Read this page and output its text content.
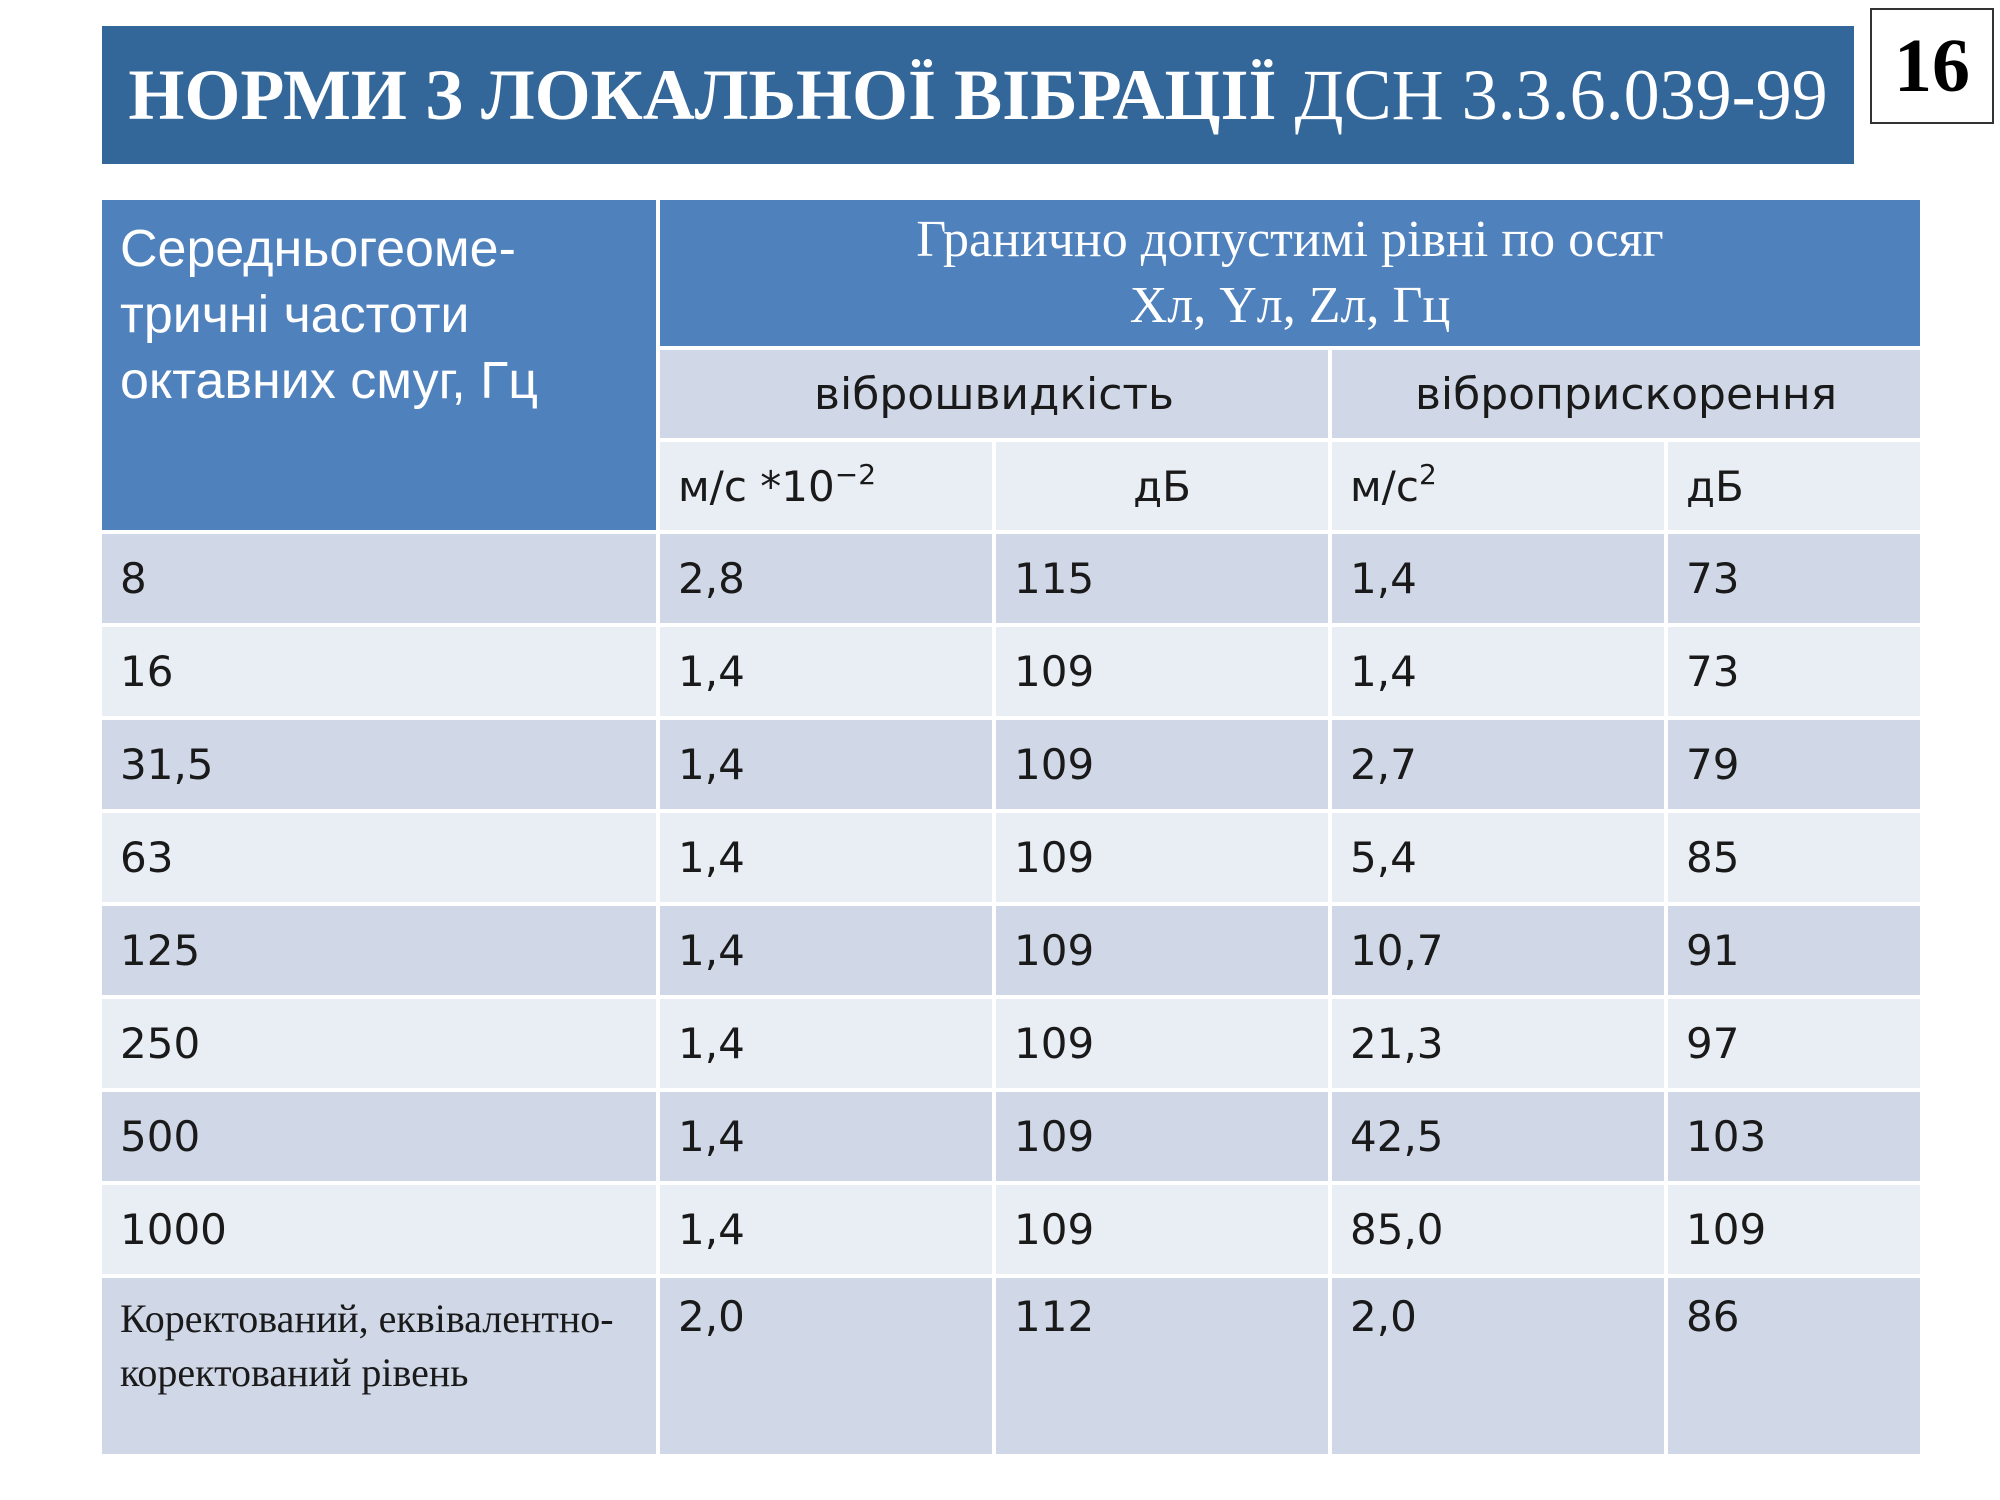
НОРМИ З ЛОКАЛЬНОЇ ВІБРАЦІЇ ДСН 3.3.6.039-99 16
Середньогеоме-тричні частоти октавних смуг, Гц	Гранично допустимі рівні по осяг
Xл, Yл, Zл, Гц			

	віброшвидкість		віброприскорення	
	м/с $*10^{-2}$	дБ	$м/с^2$	дБ
8	2,8	115	1,4	73
16	1,4	109	1,4	73
31,5	1,4	109	2,7	79
63	1,4	109	5,4	85
125	1,4	109	10,7	91
250	1,4	109	21,3	97
500	1,4	109	42,5	103
1000	1,4	109	85,0	109
Коректований, еквівалентно-коректований рівень	2,0	112	2,0	86
